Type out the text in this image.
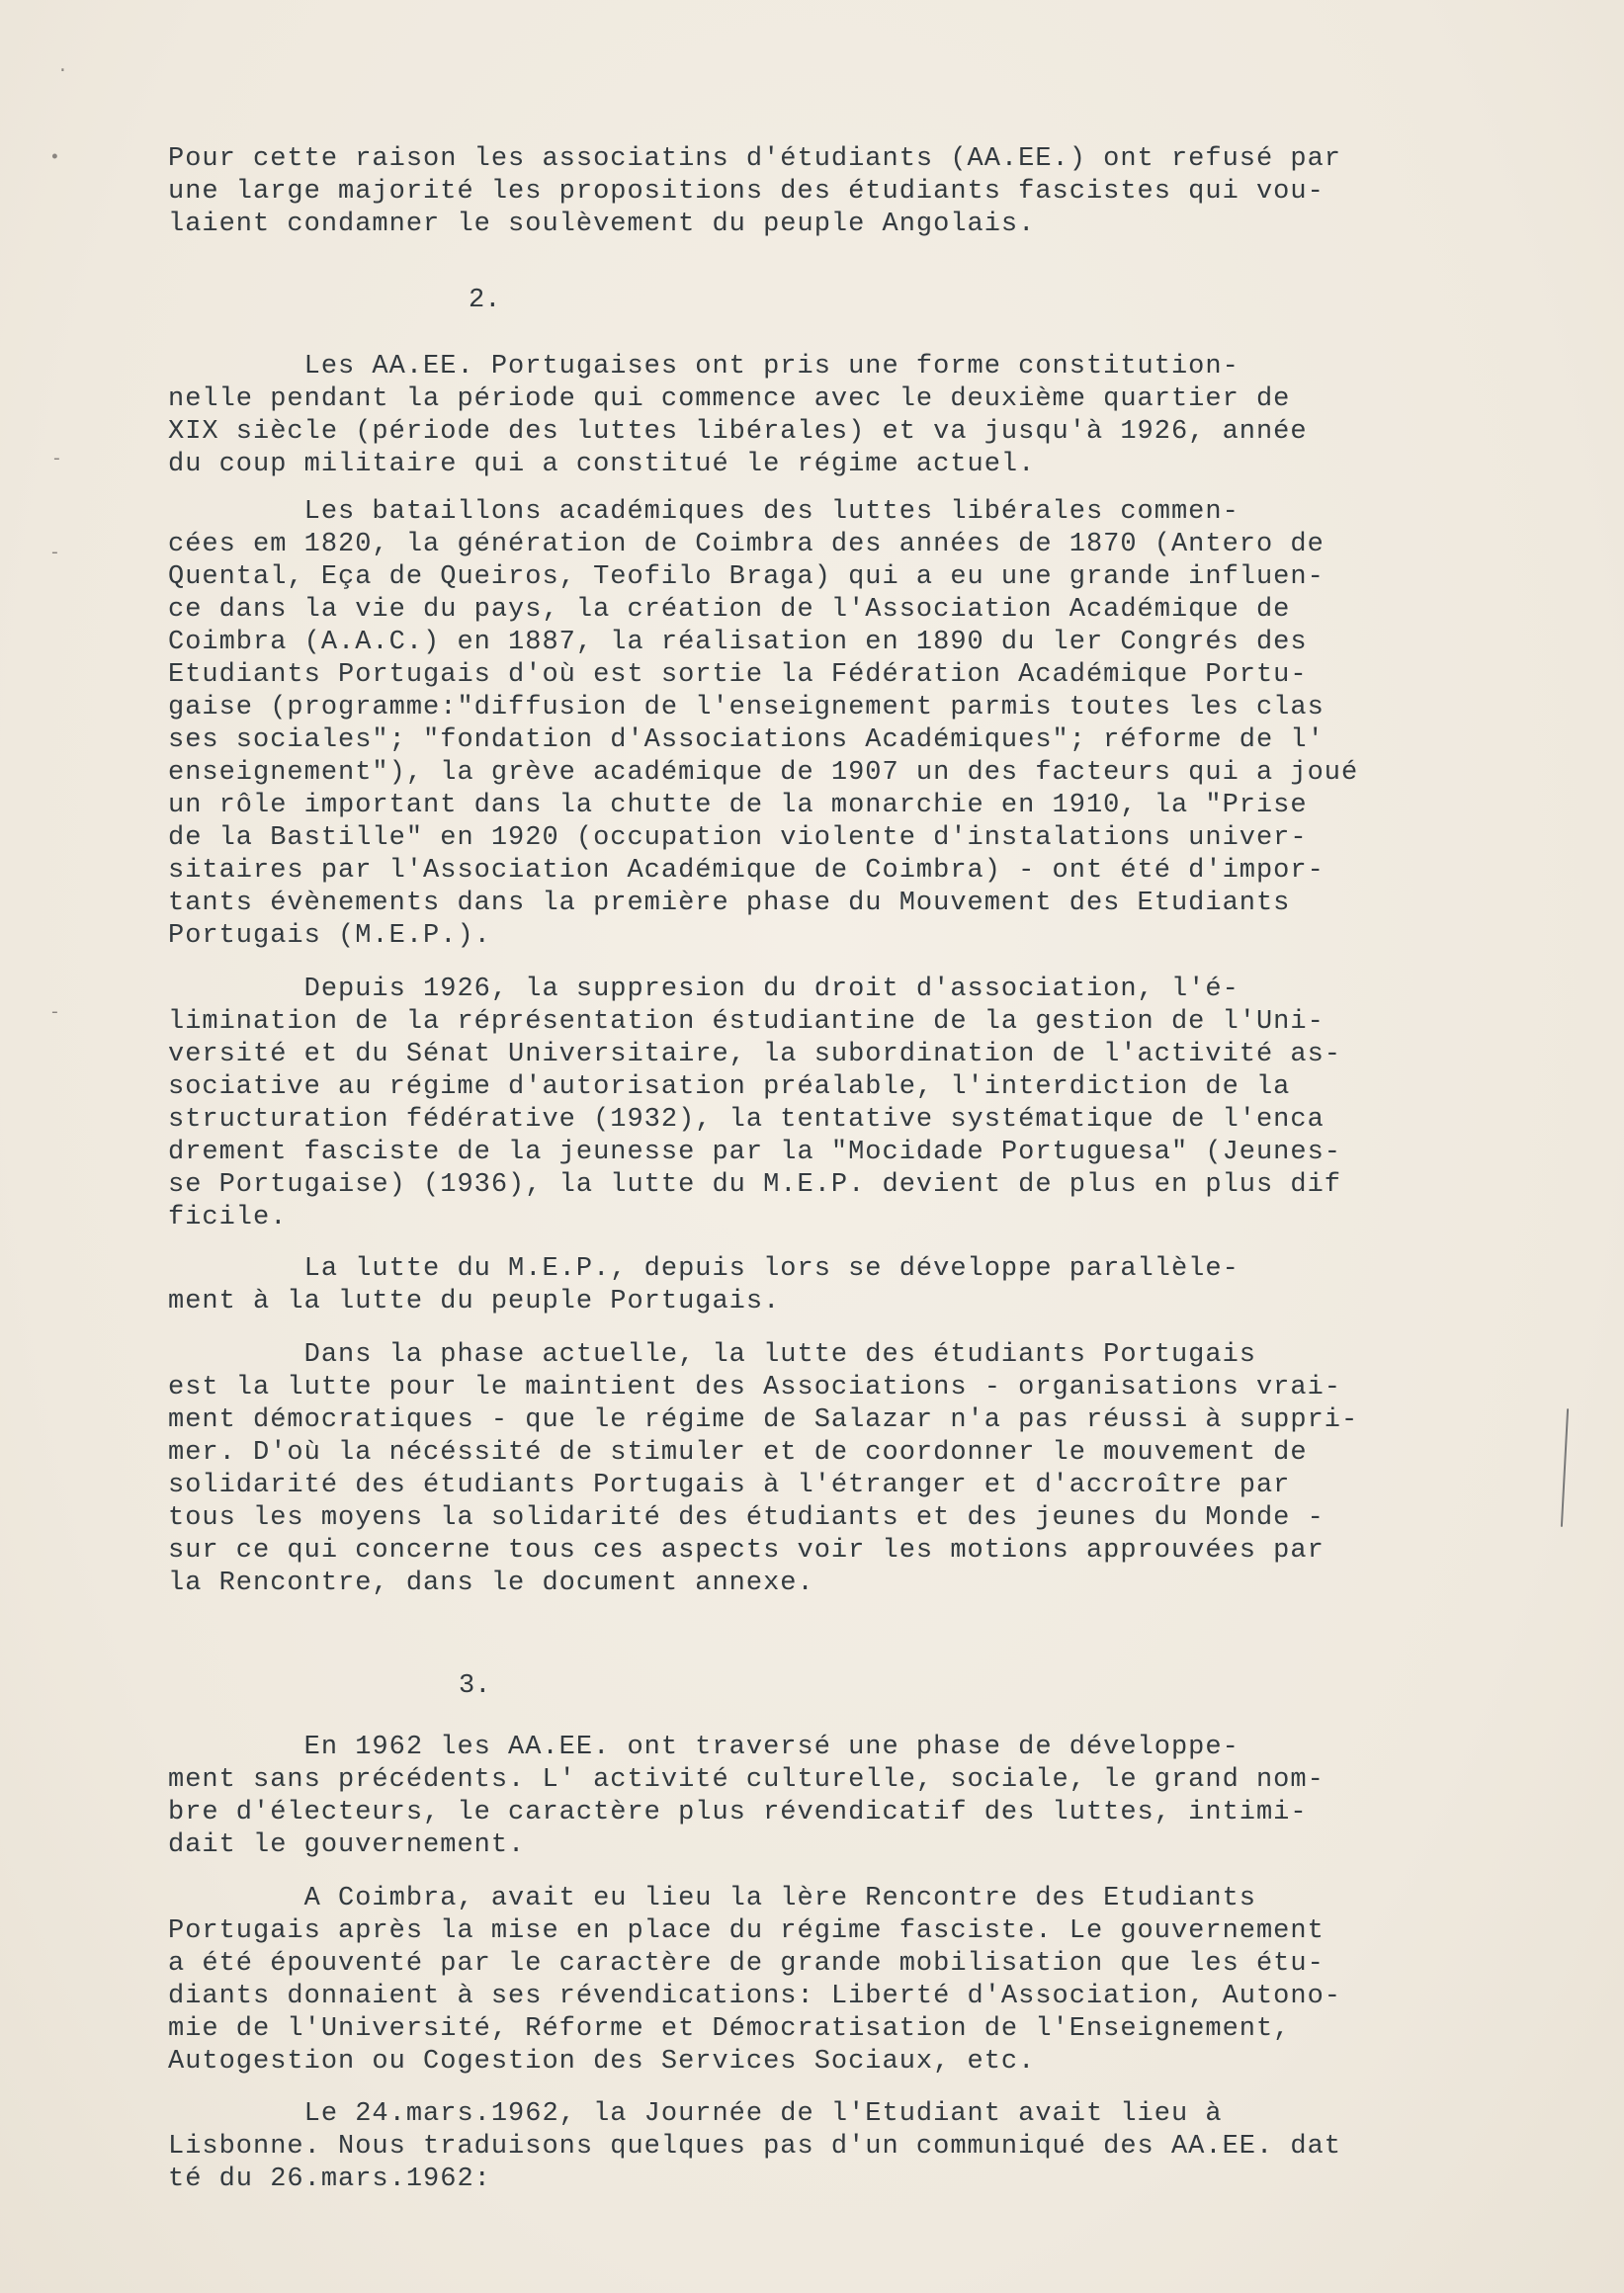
·
•
-
-
-

Pour cette raison les associatins d'étudiants (AA.EE.) ont refusé par
une large majorité les propositions des étudiants fascistes qui vou-
laient condamner le soulèvement du peuple Angolais.

2.

Les AA.EE. Portugaises ont pris une forme constitution-
nelle pendant la période qui commence avec le deuxième quartier de
XIX siècle (période des luttes libérales) et va jusqu'à 1926, année
du coup militaire qui a constitué le régime actuel.

Les bataillons académiques des luttes libérales commen-
cées em 1820, la génération de Coimbra des années de 1870 (Antero de
Quental, Eça de Queiros, Teofilo Braga) qui a eu une grande influen-
ce dans la vie du pays, la création de l'Association Académique de
Coimbra (A.A.C.) en 1887, la réalisation en 1890 du ler Congrés des
Etudiants Portugais d'où est sortie la Fédération Académique Portu-
gaise (programme:"diffusion de l'enseignement parmis toutes les clas
ses sociales"; "fondation d'Associations Académiques"; réforme de l'
enseignement"), la grève académique de 1907 un des facteurs qui a joué
un rôle important dans la chutte de la monarchie en 1910, la "Prise
de la Bastille" en 1920 (occupation violente d'instalations univer-
sitaires par l'Association Académique de Coimbra) - ont été d'impor-
tants évènements dans la première phase du Mouvement des Etudiants
Portugais (M.E.P.).

Depuis 1926, la suppresion du droit d'association, l'é-
limination de la réprésentation éstudiantine de la gestion de l'Uni-
versité et du Sénat Universitaire, la subordination de l'activité as-
sociative au régime d'autorisation préalable, l'interdiction de la
structuration fédérative (1932), la tentative systématique de l'enca
drement fasciste de la jeunesse par la "Mocidade Portuguesa" (Jeunes-
se Portugaise) (1936), la lutte du M.E.P. devient de plus en plus dif
ficile.

La lutte du M.E.P., depuis lors se développe parallèle-
ment à la lutte du peuple Portugais.

Dans la phase actuelle, la lutte des étudiants Portugais
est la lutte pour le maintient des Associations - organisations vrai-
ment démocratiques - que le régime de Salazar n'a pas réussi à suppri-
mer. D'où la nécéssité de stimuler et de coordonner le mouvement de
solidarité des étudiants Portugais à l'étranger et d'accroître par
tous les moyens la solidarité des étudiants et des jeunes du Monde -
sur ce qui concerne tous ces aspects voir les motions approuvées par
la Rencontre, dans le document annexe.

3.

En 1962 les AA.EE. ont traversé une phase de développe-
ment sans précédents. L' activité culturelle, sociale, le grand nom-
bre d'électeurs, le caractère plus révendicatif des luttes, intimi-
dait le gouvernement.

A Coimbra, avait eu lieu la lère Rencontre des Etudiants
Portugais après la mise en place du régime fasciste. Le gouvernement
a été épouventé par le caractère de grande mobilisation que les étu-
diants donnaient à ses révendications: Liberté d'Association, Autono-
mie de l'Université, Réforme et Démocratisation de l'Enseignement,
Autogestion ou Cogestion des Services Sociaux, etc.

Le 24.mars.1962, la Journée de l'Etudiant avait lieu à
Lisbonne. Nous traduisons quelques pas d'un communiqué des AA.EE. dat
té du 26.mars.1962:
